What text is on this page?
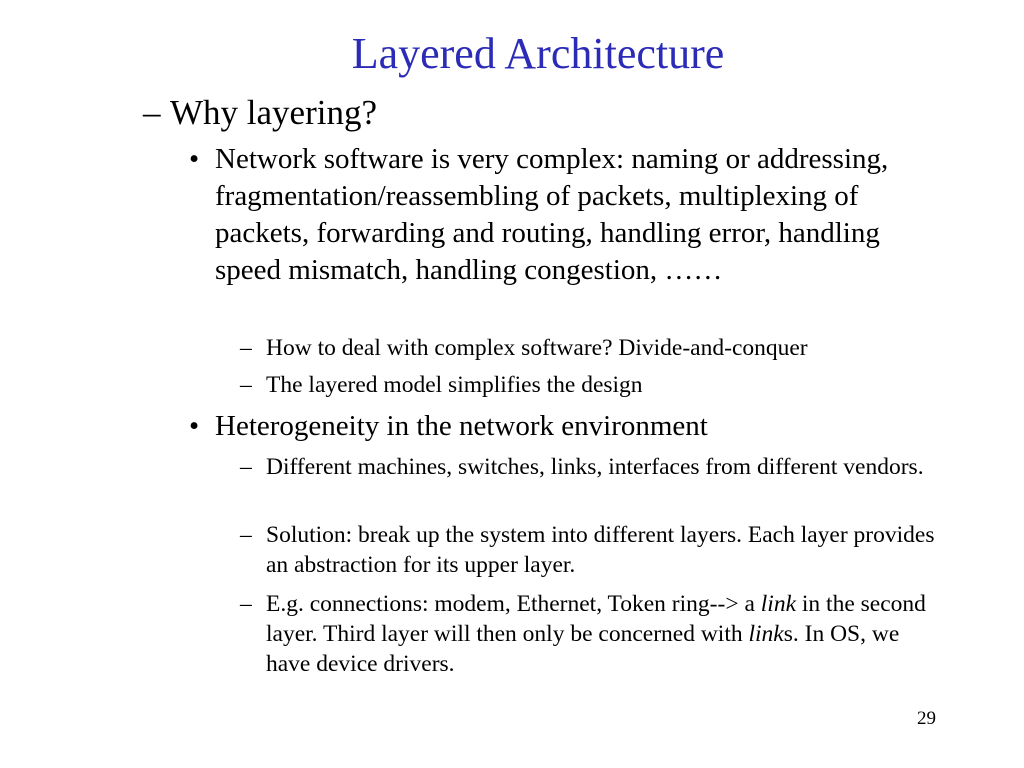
Layered Architecture
– Why layering?
• Network software is very complex: naming or addressing, fragmentation/reassembling of packets, multiplexing of packets, forwarding and routing, handling error, handling speed mismatch, handling congestion, ……
– How to deal with complex software? Divide-and-conquer
– The layered model simplifies the design
• Heterogeneity in the network environment
– Different machines, switches, links, interfaces from different vendors.
– Solution: break up the system into different layers. Each layer provides an abstraction for its upper layer.
– E.g. connections: modem, Ethernet, Token ring--> a link in the second layer. Third layer will then only be concerned with links. In OS, we have device drivers.
29
